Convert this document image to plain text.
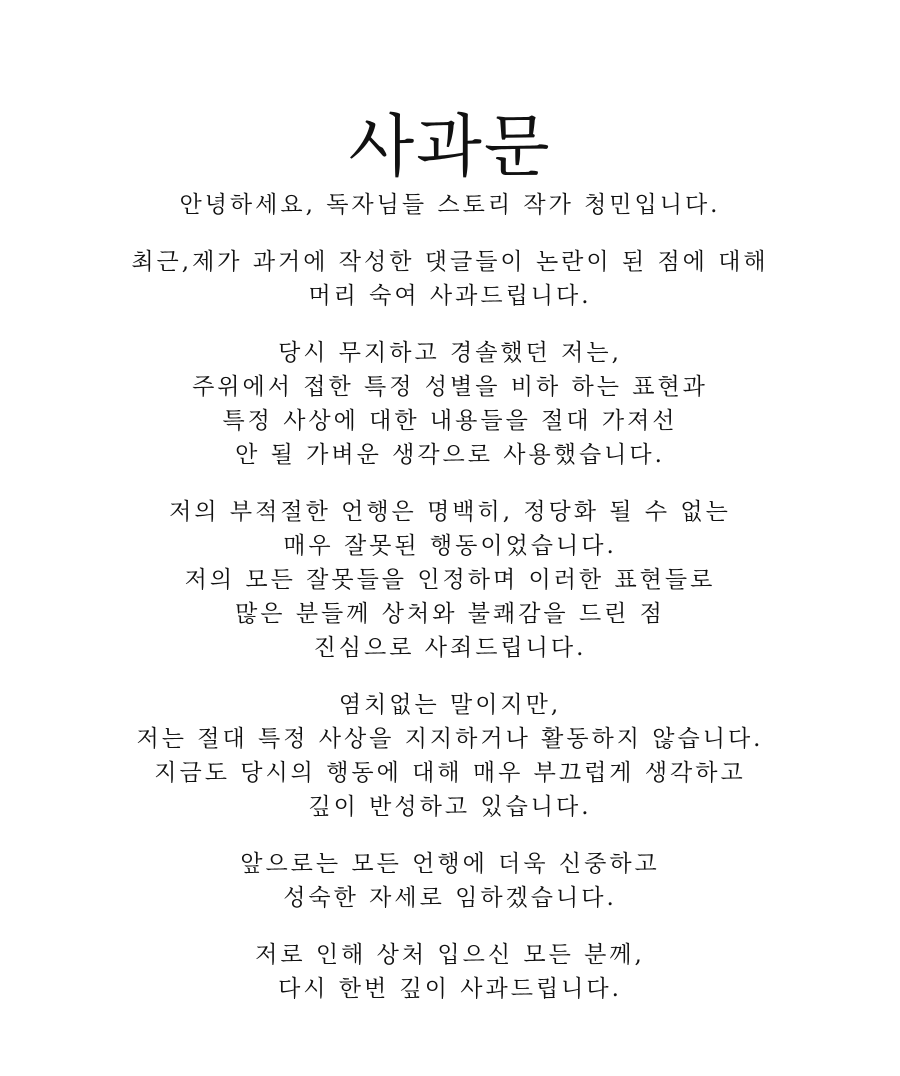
사과문

안녕하세요, 독자님들 스토리 작가 청민입니다.

최근,제가 과거에 작성한 댓글들이 논란이 된 점에 대해
머리 숙여 사과드립니다.

당시 무지하고 경솔했던 저는,
주위에서 접한 특정 성별을 비하 하는 표현과
특정 사상에 대한 내용들을 절대 가져선
안 될 가벼운 생각으로 사용했습니다.

저의 부적절한 언행은 명백히, 정당화 될 수 없는
매우 잘못된 행동이었습니다.
저의 모든 잘못들을 인정하며 이러한 표현들로
많은 분들께 상처와 불쾌감을 드린 점
진심으로 사죄드립니다.

염치없는 말이지만,
저는 절대 특정 사상을 지지하거나 활동하지 않습니다.
지금도 당시의 행동에 대해 매우 부끄럽게 생각하고
깊이 반성하고 있습니다.

앞으로는 모든 언행에 더욱 신중하고
성숙한 자세로 임하겠습니다.

저로 인해 상처 입으신 모든 분께,
다시 한번 깊이 사과드립니다.
